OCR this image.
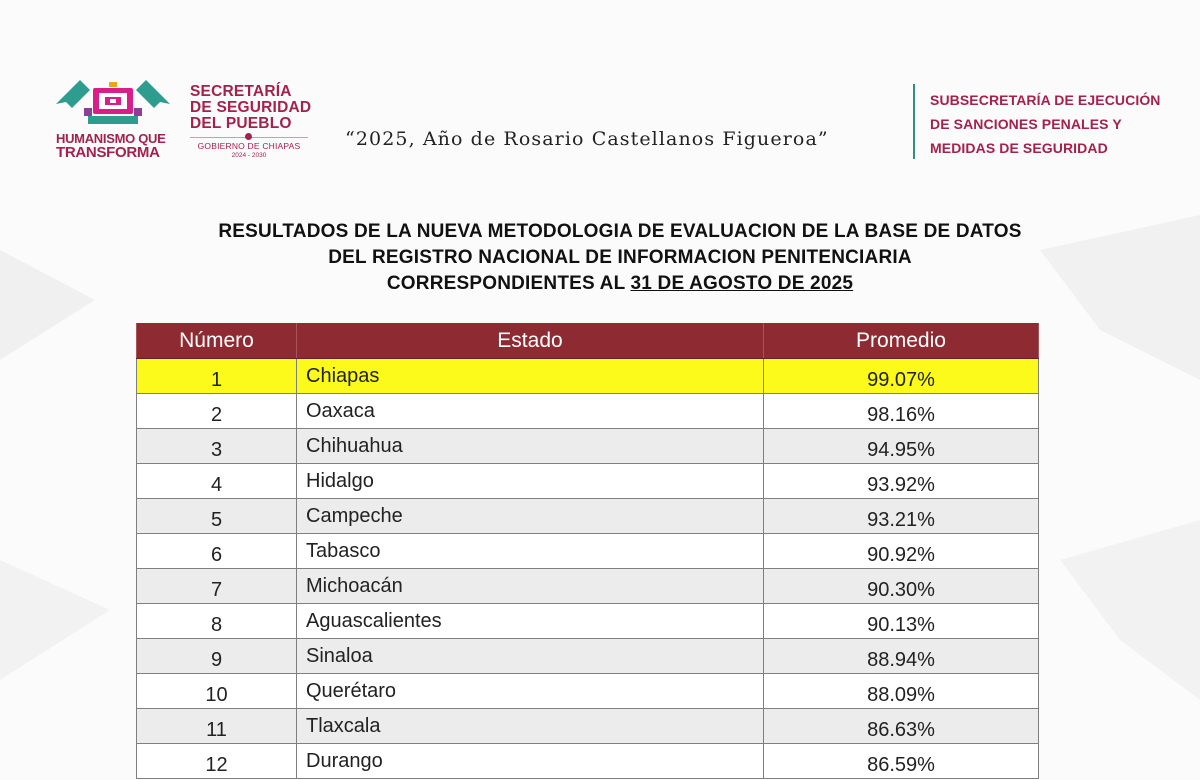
HUMANISMO QUE
TRANSFORMA
SECRETARÍA
DE SEGURIDAD
DEL PUEBLO
GOBIERNO DE CHIAPAS
2024 - 2030
“2025, Año de Rosario Castellanos Figueroa”
SUBSECRETARÍA DE EJECUCIÓN
DE SANCIONES PENALES Y
MEDIDAS DE SEGURIDAD
RESULTADOS DE LA NUEVA METODOLOGIA DE EVALUACION DE LA BASE DE DATOS
DEL REGISTRO NACIONAL DE INFORMACION PENITENCIARIA
CORRESPONDIENTES AL 31 DE AGOSTO DE 2025
Número	Estado	Promedio
1	Chiapas	99.07%
2	Oaxaca	98.16%
3	Chihuahua	94.95%
4	Hidalgo	93.92%
5	Campeche	93.21%
6	Tabasco	90.92%
7	Michoacán	90.30%
8	Aguascalientes	90.13%
9	Sinaloa	88.94%
10	Querétaro	88.09%
11	Tlaxcala	86.63%
12	Durango	86.59%
